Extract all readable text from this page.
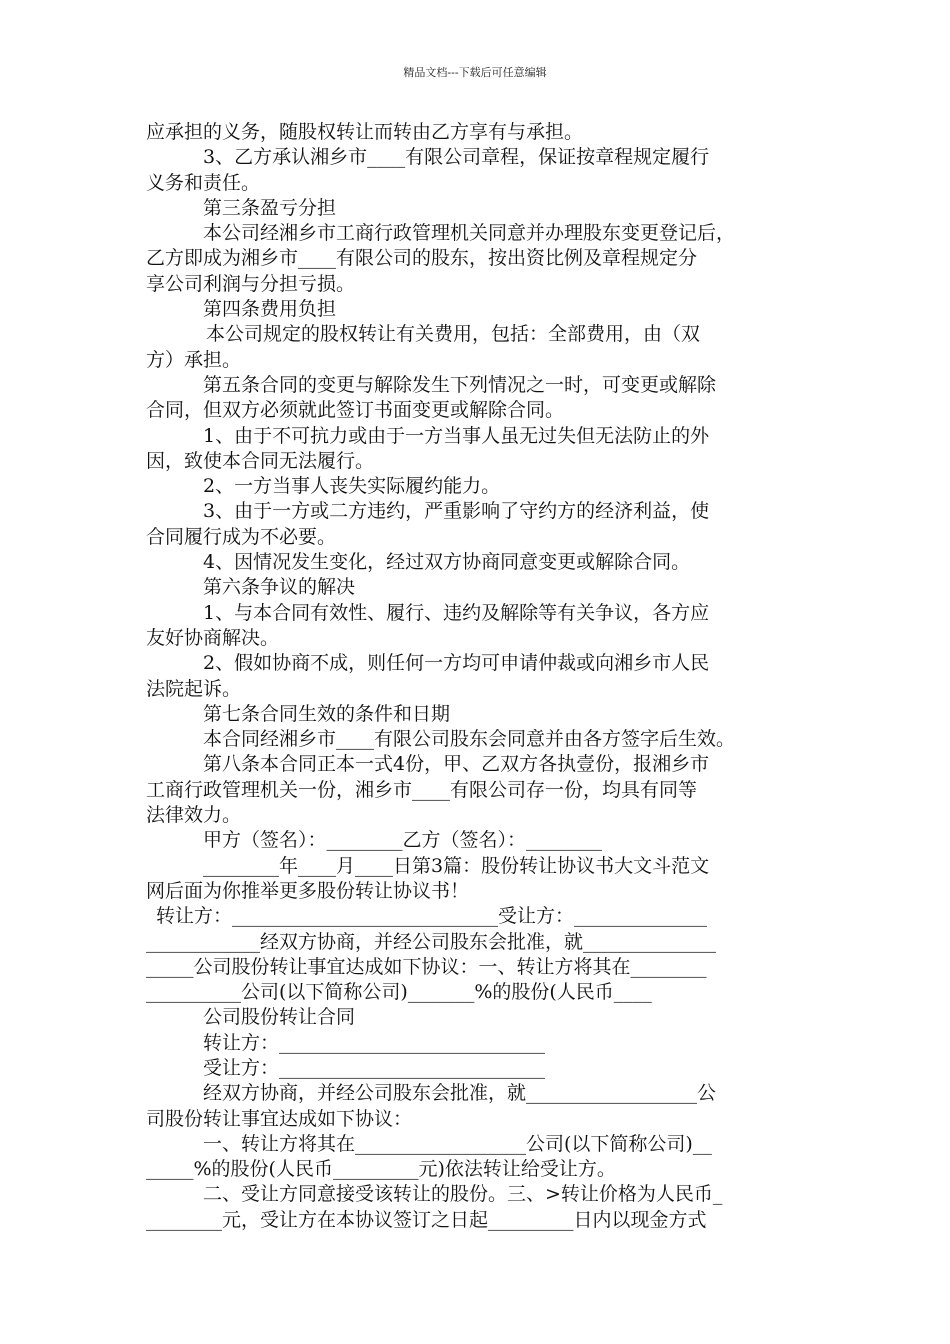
精品文档---下载后可任意编辑
应承担的义务，随股权转让而转由乙方享有与承担。
3、乙方承认湘乡市____有限公司章程，保证按章程规定履行
义务和责任。
第三条盈亏分担
本公司经湘乡市工商行政管理机关同意并办理股东变更登记后，
乙方即成为湘乡市____有限公司的股东，按出资比例及章程规定分
享公司利润与分担亏损。
第四条费用负担
本公司规定的股权转让有关费用，包括：全部费用，由（双
方）承担。
第五条合同的变更与解除发生下列情况之一时，可变更或解除
合同，但双方必须就此签订书面变更或解除合同。
1、由于不可抗力或由于一方当事人虽无过失但无法防止的外
因，致使本合同无法履行。
2、一方当事人丧失实际履约能力。
3、由于一方或二方违约，严重影响了守约方的经济利益，使
合同履行成为不必要。
4、因情况发生变化，经过双方协商同意变更或解除合同。
第六条争议的解决
1、与本合同有效性、履行、违约及解除等有关争议，各方应
友好协商解决。
2、假如协商不成，则任何一方均可申请仲裁或向湘乡市人民
法院起诉。
第七条合同生效的条件和日期
本合同经湘乡市____有限公司股东会同意并由各方签字后生效。
第八条本合同正本一式4份，甲、乙双方各执壹份，报湘乡市
工商行政管理机关一份，湘乡市____有限公司存一份，均具有同等
法律效力。
甲方（签名）：________乙方（签名）：________
________年____月____日第3篇：股份转让协议书大文斗范文
网后面为你推举更多股份转让协议书！
转让方：____________________________受让方：______________
____________经双方协商，并经公司股东会批准，就______________
_____公司股份转让事宜达成如下协议：一、转让方将其在________
__________公司(以下简称公司)_______%的股份(人民币____
公司股份转让合同
转让方：____________________________
受让方：____________________________
经双方协商，并经公司股东会批准，就__________________公
司股份转让事宜达成如下协议：
一、转让方将其在__________________公司(以下简称公司)__
_____%的股份(人民币_________元)依法转让给受让方。
二、受让方同意接受该转让的股份。三、>转让价格为人民币_
________元，受让方在本协议签订之日起_________日内以现金方式
